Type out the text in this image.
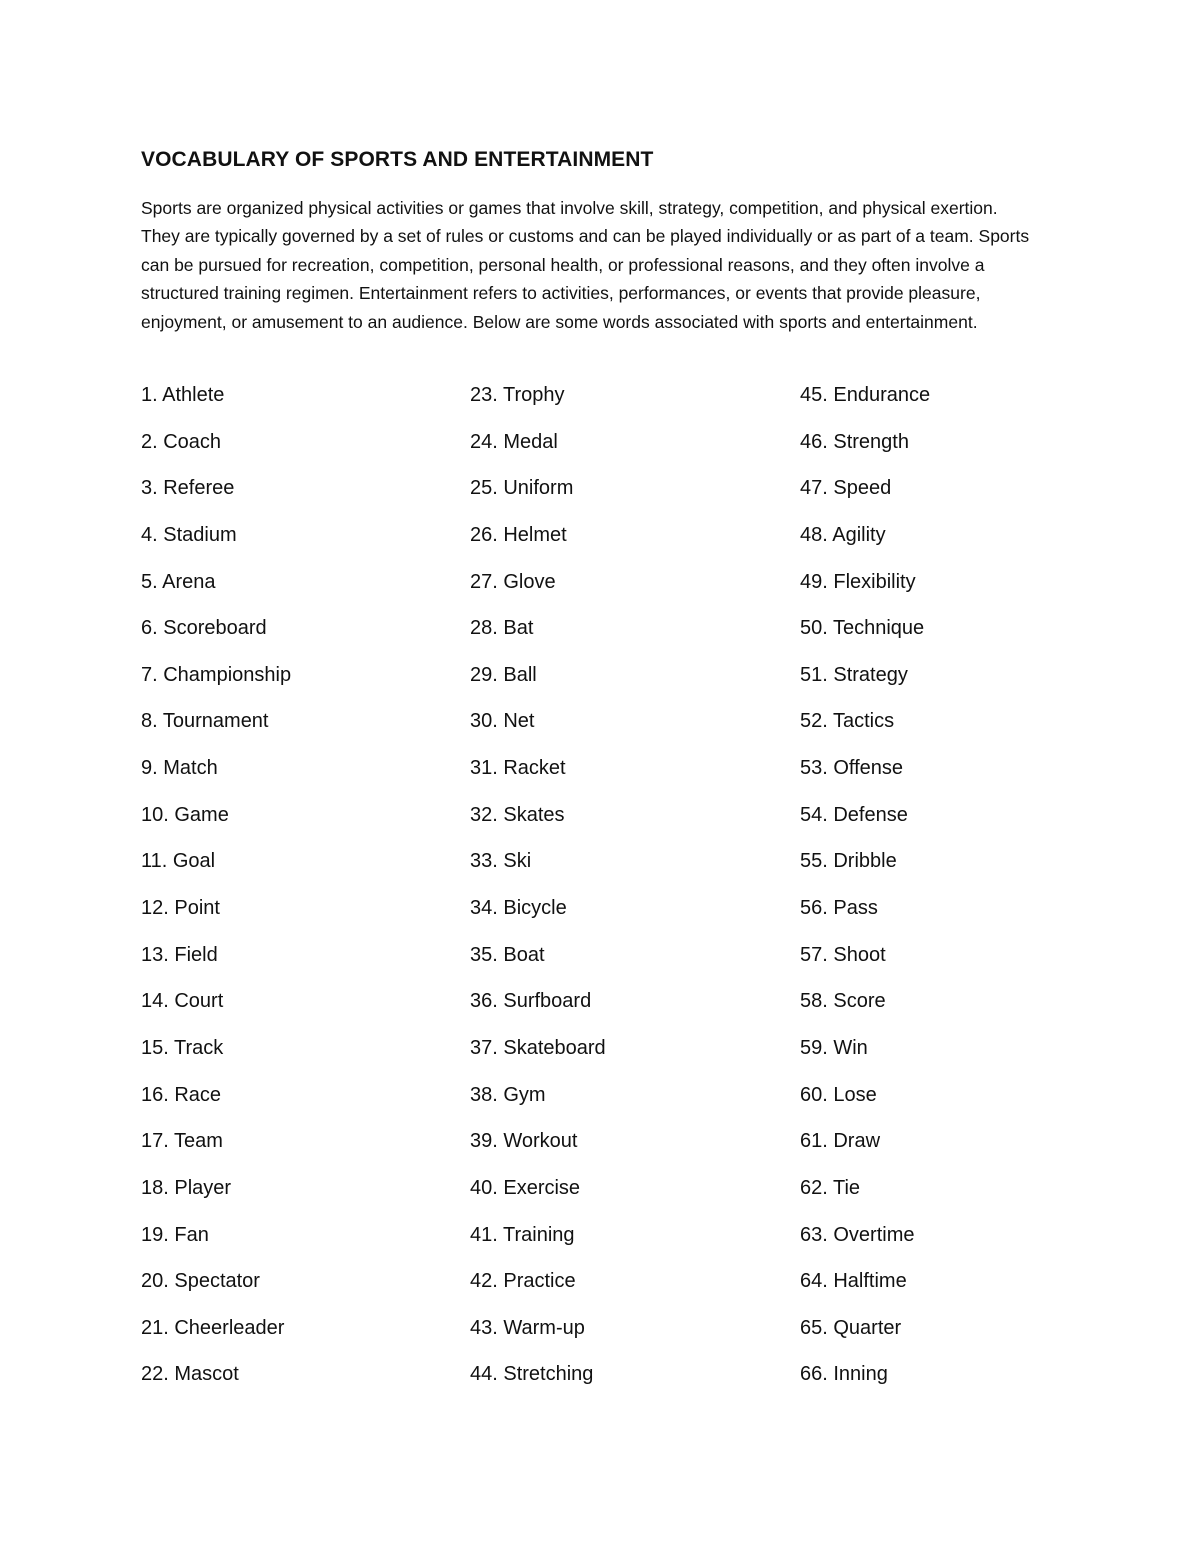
VOCABULARY OF SPORTS AND ENTERTAINMENT

Sports are organized physical activities or games that involve skill, strategy, competition, and physical exertion. They are typically governed by a set of rules or customs and can be played individually or as part of a team. Sports can be pursued for recreation, competition, personal health, or professional reasons, and they often involve a structured training regimen. Entertainment refers to activities, performances, or events that provide pleasure, enjoyment, or amusement to an audience. Below are some words associated with sports and entertainment.

1. Athlete
2. Coach
3. Referee
4. Stadium
5. Arena
6. Scoreboard
7. Championship
8. Tournament
9. Match
10. Game
11. Goal
12. Point
13. Field
14. Court
15. Track
16. Race
17. Team
18. Player
19. Fan
20. Spectator
21. Cheerleader
22. Mascot
23. Trophy
24. Medal
25. Uniform
26. Helmet
27. Glove
28. Bat
29. Ball
30. Net
31. Racket
32. Skates
33. Ski
34. Bicycle
35. Boat
36. Surfboard
37. Skateboard
38. Gym
39. Workout
40. Exercise
41. Training
42. Practice
43. Warm-up
44. Stretching
45. Endurance
46. Strength
47. Speed
48. Agility
49. Flexibility
50. Technique
51. Strategy
52. Tactics
53. Offense
54. Defense
55. Dribble
56. Pass
57. Shoot
58. Score
59. Win
60. Lose
61. Draw
62. Tie
63. Overtime
64. Halftime
65. Quarter
66. Inning
